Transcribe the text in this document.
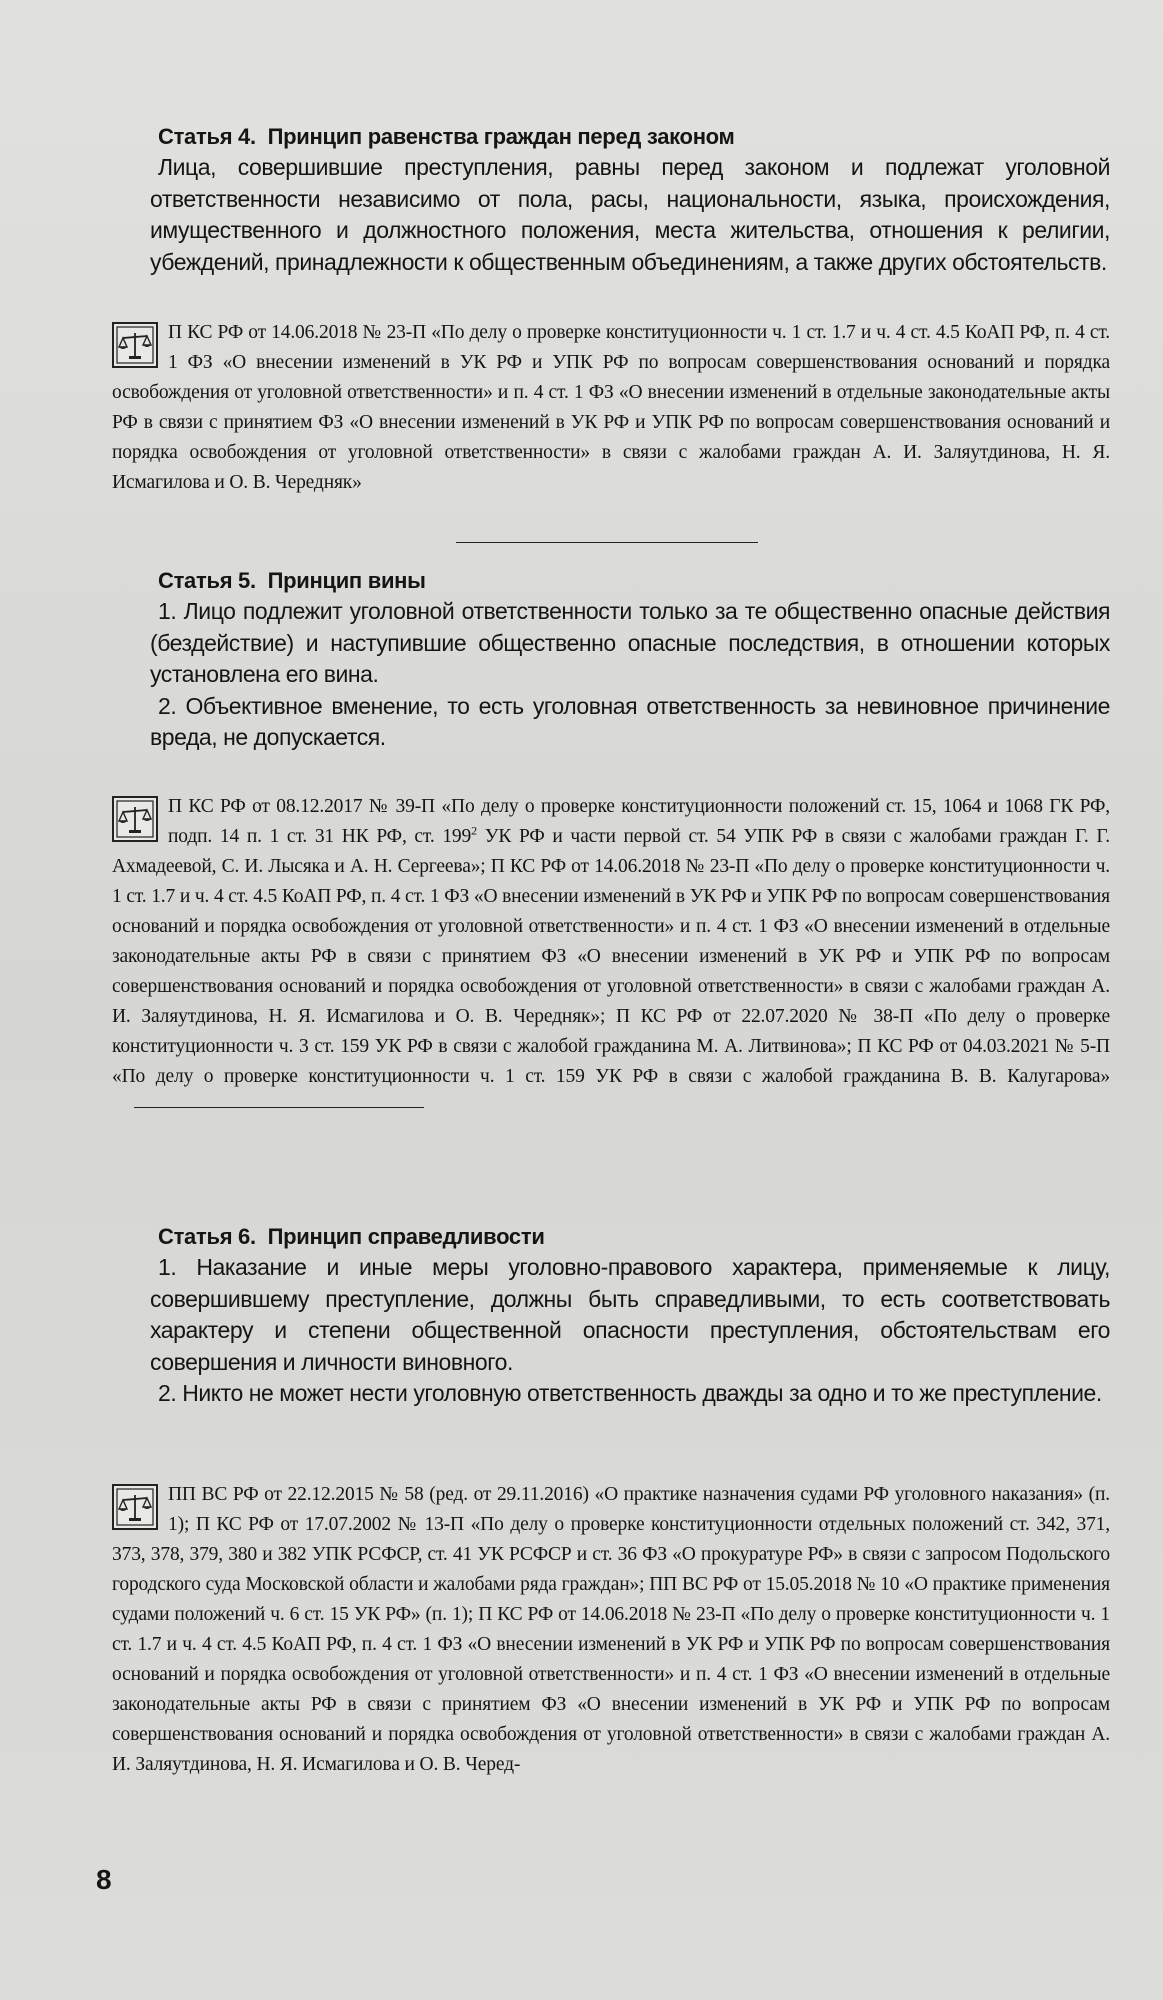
Статья 4. Принцип равенства граждан перед законом

Лица, совершившие преступления, равны перед законом и подлежат уголовной ответственности независимо от пола, расы, национальности, языка, происхождения, имущественного и должностного положения, места жительства, отношения к религии, убеждений, принадлежности к общественным объединениям, а также других обстоятельств.

П КС РФ от 14.06.2018 № 23-П «По делу о проверке конституционности ч. 1 ст. 1.7 и ч. 4 ст. 4.5 КоАП РФ, п. 4 ст. 1 ФЗ «О внесении изменений в УК РФ и УПК РФ по вопросам совершенствования оснований и порядка освобождения от уголовной ответственности» и п. 4 ст. 1 ФЗ «О внесении изменений в отдельные законодательные акты РФ в связи с принятием ФЗ «О внесении изменений в УК РФ и УПК РФ по вопросам совершенствования оснований и порядка освобождения от уголовной ответственности» в связи с жалобами граждан А. И. Заляутдинова, Н. Я. Исмагилова и О. В. Чередняк»
Статья 5. Принцип вины

1. Лицо подлежит уголовной ответственности только за те общественно опасные действия (бездействие) и наступившие общественно опасные последствия, в отношении которых установлена его вина.

2. Объективное вменение, то есть уголовная ответственность за невиновное причинение вреда, не допускается.

П КС РФ от 08.12.2017 № 39-П «По делу о проверке конституционности положений ст. 15, 1064 и 1068 ГК РФ, подп. 14 п. 1 ст. 31 НК РФ, ст. $199^2$ УК РФ и части первой ст. 54 УПК РФ в связи с жалобами граждан Г. Г. Ахмадеевой, С. И. Лысяка и А. Н. Сергеева»; П КС РФ от 14.06.2018 № 23-П «По делу о проверке конституционности ч. 1 ст. 1.7 и ч. 4 ст. 4.5 КоАП РФ, п. 4 ст. 1 ФЗ «О внесении изменений в УК РФ и УПК РФ по вопросам совершенствования оснований и порядка освобождения от уголовной ответственности» и п. 4 ст. 1 ФЗ «О внесении изменений в отдельные законодательные акты РФ в связи с принятием ФЗ «О внесении изменений в УК РФ и УПК РФ по вопросам совершенствования оснований и порядка освобождения от уголовной ответственности» в связи с жалобами граждан А. И. Заляутдинова, Н. Я. Исмагилова и О. В. Чередняк»; П КС РФ от 22.07.2020 № 38-П «По делу о проверке конституционности ч. 3 ст. 159 УК РФ в связи с жалобой гражданина М. А. Литвинова»; П КС РФ от 04.03.2021 № 5-П «По делу о проверке конституционности ч. 1 ст. 159 УК РФ в связи с жалобой гражданина В. В. Калугарова»
Статья 6. Принцип справедливости

1. Наказание и иные меры уголовно-правового характера, применяемые к лицу, совершившему преступление, должны быть справедливыми, то есть соответствовать характеру и степени общественной опасности преступления, обстоятельствам его совершения и личности виновного.

2. Никто не может нести уголовную ответственность дважды за одно и то же преступление.

ПП ВС РФ от 22.12.2015 № 58 (ред. от 29.11.2016) «О практике назначения судами РФ уголовного наказания» (п. 1); П КС РФ от 17.07.2002 № 13-П «По делу о проверке конституционности отдельных положений ст. 342, 371, 373, 378, 379, 380 и 382 УПК РСФСР, ст. 41 УК РСФСР и ст. 36 ФЗ «О прокуратуре РФ» в связи с запросом Подольского городского суда Московской области и жалобами ряда граждан»; ПП ВС РФ от 15.05.2018 № 10 «О практике применения судами положений ч. 6 ст. 15 УК РФ» (п. 1); П КС РФ от 14.06.2018 № 23-П «По делу о проверке конституционности ч. 1 ст. 1.7 и ч. 4 ст. 4.5 КоАП РФ, п. 4 ст. 1 ФЗ «О внесении изменений в УК РФ и УПК РФ по вопросам совершенствования оснований и порядка освобождения от уголовной ответственности» и п. 4 ст. 1 ФЗ «О внесении изменений в отдельные законодательные акты РФ в связи с принятием ФЗ «О внесении изменений в УК РФ и УПК РФ по вопросам совершенствования оснований и порядка освобождения от уголовной ответственности» в связи с жалобами граждан А. И. Заляутдинова, Н. Я. Исмагилова и О. В. Черед-
8
